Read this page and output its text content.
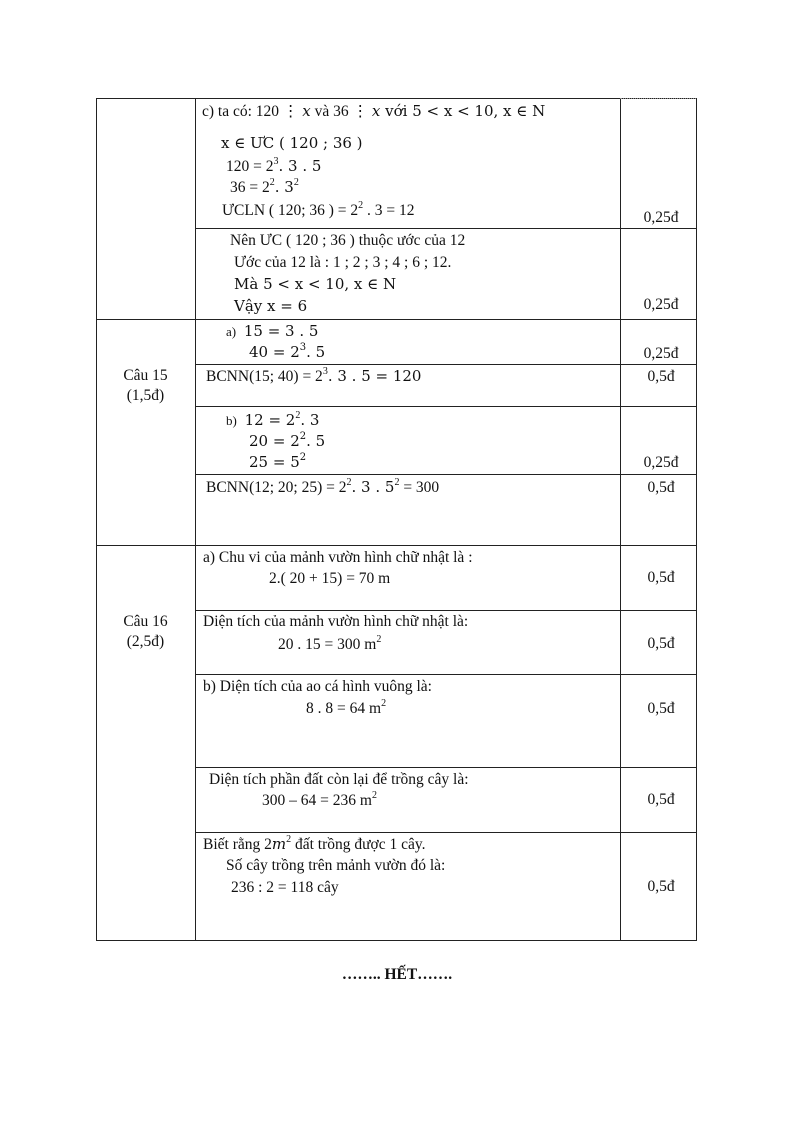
c) ta có: 120 ⋮ x và 36 ⋮ x với 5 < x < 10, x ∈ N
x ∈ ƯC ( 120 ; 36 )
$120 = 2^3$. 3 . 5
$36 = 2^2$. $3^2$
ƯCLN ( 120; 36 ) = $2^2$ . 3 = 12	0,25đ
Nên ƯC ( 120 ; 36 ) thuộc ước của 12
Ước của 12 là : 1 ; 2 ; 3 ; 4 ; 6 ; 12.
Mà 5 < x < 10, x ∈ N
Vậy x = 6	0,25đ
Câu 15
(1,5đ)
a) 15 = 3 . 5
$40 = 2^3$. 5	0,25đ
BCNN(15; $40) = 2^3$. 3 . 5 = 120	0,5đ
b) $12 = 2^2$. 3
$20 = 2^2$. 5
$25 = 5^2$	0,25đ
BCNN(12; 20; $25) = 2^2$. 3 . $5^2 = 300$	0,5đ
Câu 16
(2,5đ)
a) Chu vi của mảnh vườn hình chữ nhật là :
2.( 20 + 15) = 70 m	0,5đ
Diện tích của mảnh vườn hình chữ nhật là:
20 . 15 = 300 $m^2$	0,5đ
b) Diện tích của ao cá hình vuông là:
8 . 8 = 64 $m^2$	0,5đ
Diện tích phần đất còn lại để trồng cây là:
300 – 64 = 236 $m^2$	0,5đ
Biết rằng $2m^2$ đất trồng được 1 cây.
Số cây trồng trên mảnh vườn đó là:
236 : 2 = 118 cây	0,5đ
…….. HẾT…….
